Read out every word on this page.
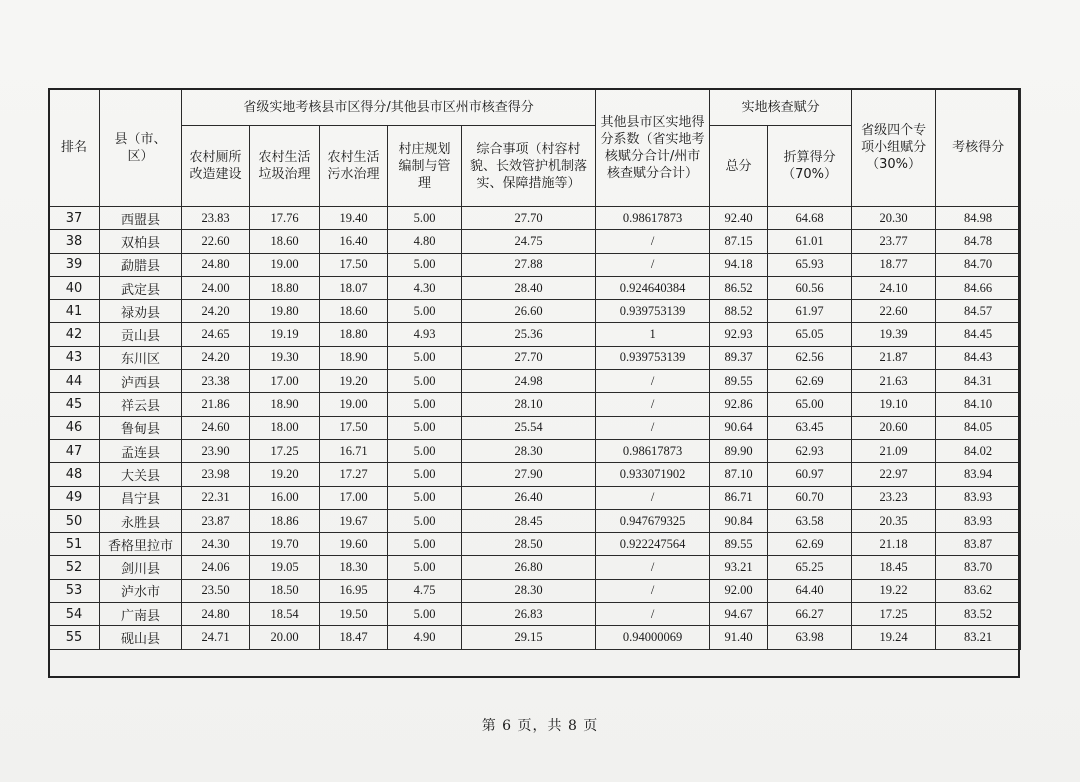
排名	县（市、区）	省级实地考核县市区得分/其他县市区州市核查得分					其他县市区实地得分系数（省实地考核赋分合计/州市核查赋分合计）	实地核查赋分		省级四个专项小组赋分（30%）	考核得分
		农村厕所改造建设	农村生活垃圾治理	农村生活污水治理	村庄规划编制与管理	综合事项（村容村貌、长效管护机制落实、保障措施等）		总分	折算得分（70%）		
37	西盟县	23.83	17.76	19.40	5.00	27.70	0.98617873	92.40	64.68	20.30	84.98
38	双柏县	22.60	18.60	16.40	4.80	24.75	/	87.15	61.01	23.77	84.78
39	勐腊县	24.80	19.00	17.50	5.00	27.88	/	94.18	65.93	18.77	84.70
40	武定县	24.00	18.80	18.07	4.30	28.40	0.924640384	86.52	60.56	24.10	84.66
41	禄劝县	24.20	19.80	18.60	5.00	26.60	0.939753139	88.52	61.97	22.60	84.57
42	贡山县	24.65	19.19	18.80	4.93	25.36	1	92.93	65.05	19.39	84.45
43	东川区	24.20	19.30	18.90	5.00	27.70	0.939753139	89.37	62.56	21.87	84.43
44	泸西县	23.38	17.00	19.20	5.00	24.98	/	89.55	62.69	21.63	84.31
45	祥云县	21.86	18.90	19.00	5.00	28.10	/	92.86	65.00	19.10	84.10
46	鲁甸县	24.60	18.00	17.50	5.00	25.54	/	90.64	63.45	20.60	84.05
47	孟连县	23.90	17.25	16.71	5.00	28.30	0.98617873	89.90	62.93	21.09	84.02
48	大关县	23.98	19.20	17.27	5.00	27.90	0.933071902	87.10	60.97	22.97	83.94
49	昌宁县	22.31	16.00	17.00	5.00	26.40	/	86.71	60.70	23.23	83.93
50	永胜县	23.87	18.86	19.67	5.00	28.45	0.947679325	90.84	63.58	20.35	83.93
51	香格里拉市	24.30	19.70	19.60	5.00	28.50	0.922247564	89.55	62.69	21.18	83.87
52	剑川县	24.06	19.05	18.30	5.00	26.80	/	93.21	65.25	18.45	83.70
53	泸水市	23.50	18.50	16.95	4.75	28.30	/	92.00	64.40	19.22	83.62
54	广南县	24.80	18.54	19.50	5.00	26.83	/	94.67	66.27	17.25	83.52
55	砚山县	24.71	20.00	18.47	4.90	29.15	0.94000069	91.40	63.98	19.24	83.21
第 6 页，共 8 页
